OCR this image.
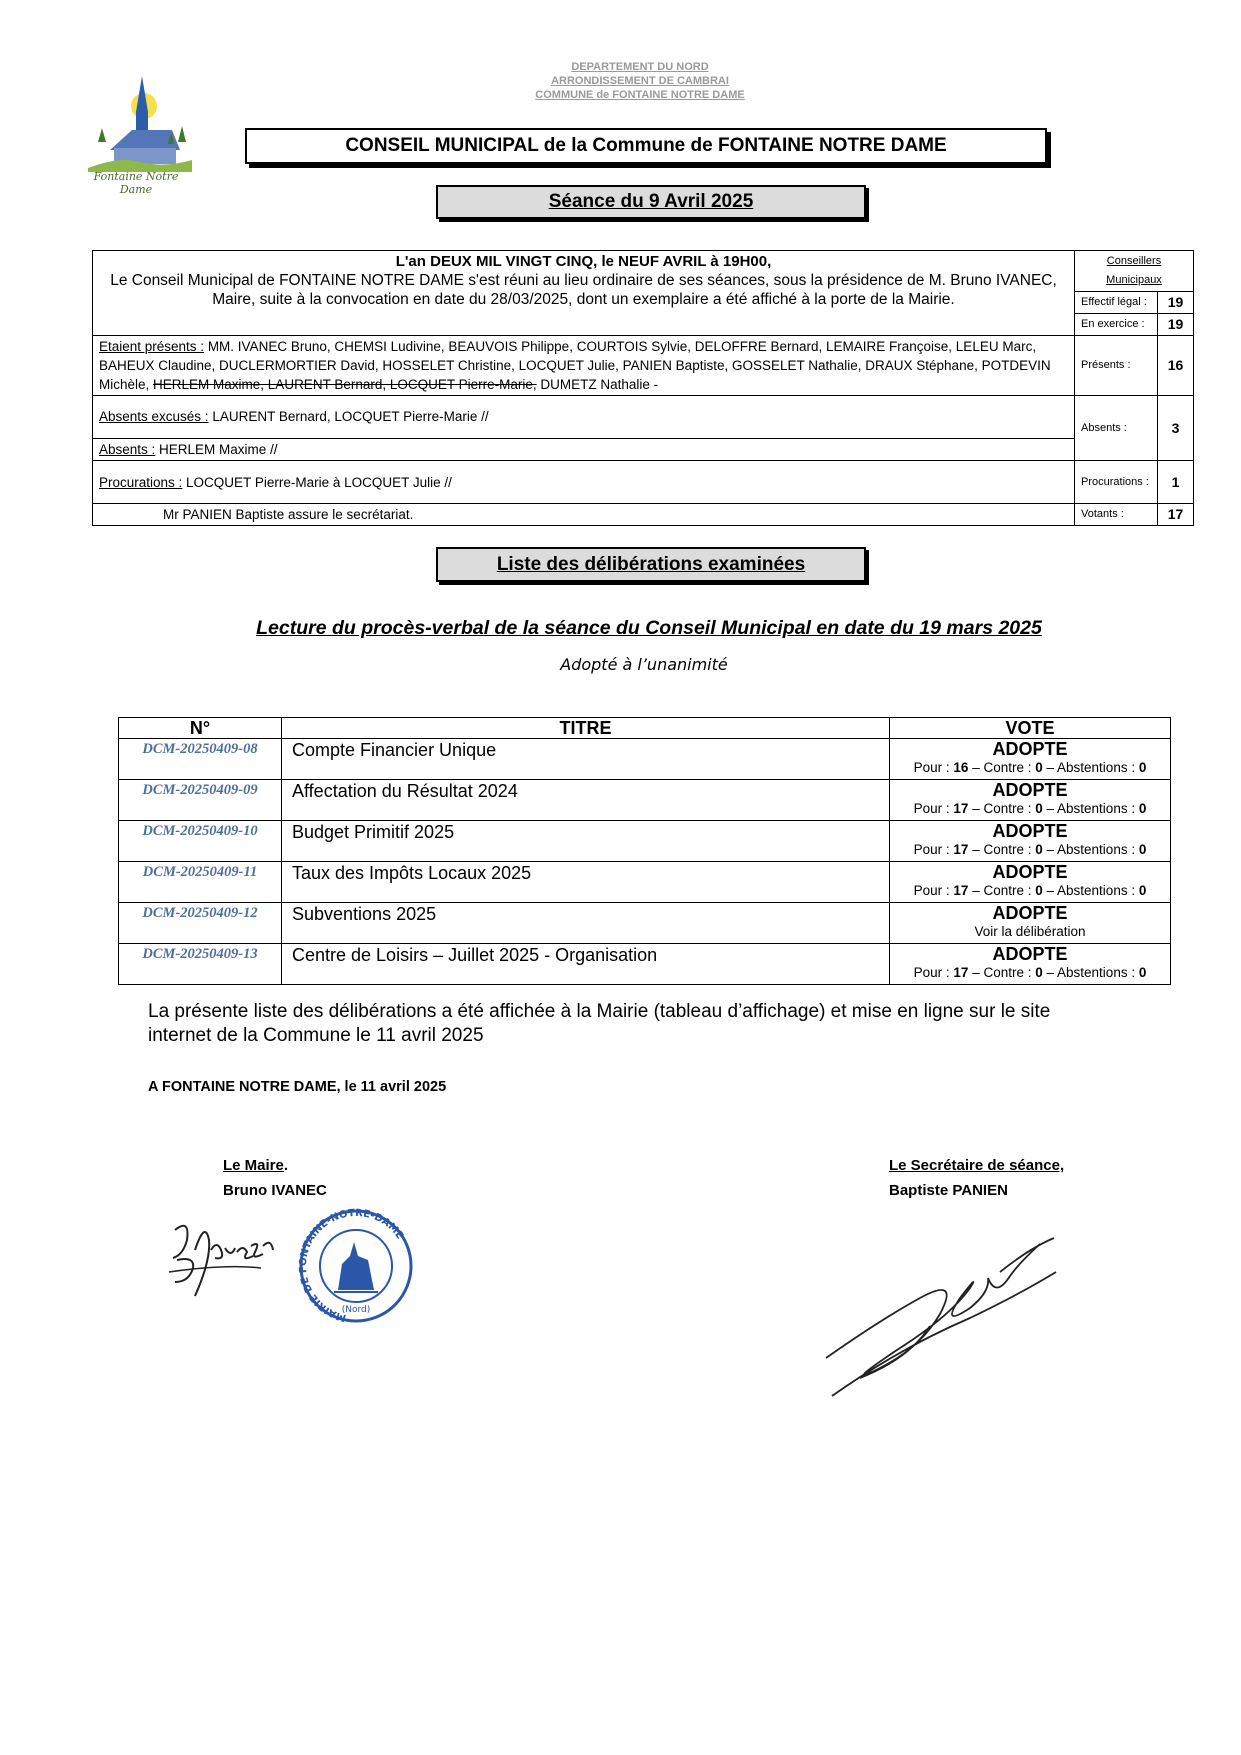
DEPARTEMENT DU NORD
ARRONDISSEMENT DE CAMBRAI
COMMUNE de FONTAINE NOTRE DAME
Fontaine Notre Dame
CONSEIL MUNICIPAL de la Commune de FONTAINE NOTRE DAME
Séance du 9 Avril 2025
L'an DEUX MIL VINGT CINQ, le NEUF AVRIL à 19H00,
Le Conseil Municipal de FONTAINE NOTRE DAME s'est réuni au lieu ordinaire de ses séances, sous la présidence de M. Bruno IVANEC, Maire, suite à la convocation en date du 28/03/2025, dont un exemplaire a été affiché à la porte de la Mairie.	Conseillers Municipaux	
	Effectif légal :	19
	En exercice :	19
Etaient présents : MM. IVANEC Bruno, CHEMSI Ludivine, BEAUVOIS Philippe, COURTOIS Sylvie, DELOFFRE Bernard, LEMAIRE Françoise, LELEU Marc, BAHEUX Claudine, DUCLERMORTIER David, HOSSELET Christine, LOCQUET Julie, PANIEN Baptiste, GOSSELET Nathalie, DRAUX Stéphane, POTDEVIN Michèle, HERLEM Maxime, LAURENT Bernard, LOCQUET Pierre-Marie, DUMETZ Nathalie -	Présents :	16

Absents excusés : LAURENT Bernard, LOCQUET Pierre-Marie //	Absents :	3
Absents : HERLEM Maxime //		
Procurations : LOCQUET Pierre-Marie à LOCQUET Julie //	Procurations :	1
Mr PANIEN Baptiste assure le secrétariat.	Votants :	17
Liste des délibérations examinées
Lecture du procès-verbal de la séance du Conseil Municipal en date du 19 mars 2025
Adopté à l’unanimité
N°	TITRE	VOTE
DCM-20250409-08	Compte Financier Unique	ADOPTE
Pour : 16 – Contre : 0 – Abstentions : 0

DCM-20250409-09	Affectation du Résultat 2024	ADOPTE
Pour : 17 – Contre : 0 – Abstentions : 0

DCM-20250409-10	Budget Primitif 2025	ADOPTE
Pour : 17 – Contre : 0 – Abstentions : 0

DCM-20250409-11	Taux des Impôts Locaux 2025	ADOPTE
Pour : 17 – Contre : 0 – Abstentions : 0

DCM-20250409-12	Subventions 2025	ADOPTE
Voir la délibération

DCM-20250409-13	Centre de Loisirs – Juillet 2025 - Organisation	ADOPTE
Pour : 17 – Contre : 0 – Abstentions : 0
La présente liste des délibérations a été affichée à la Mairie (tableau d’affichage) et mise en ligne sur le site internet de la Commune le 11 avril 2025
A FONTAINE NOTRE DAME, le 11 avril 2025
Le Maire.
Bruno IVANEC
Le Secrétaire de séance,
Baptiste PANIEN
MAIRIE DE FONTAINE-NOTRE-DAME
(Nord)
